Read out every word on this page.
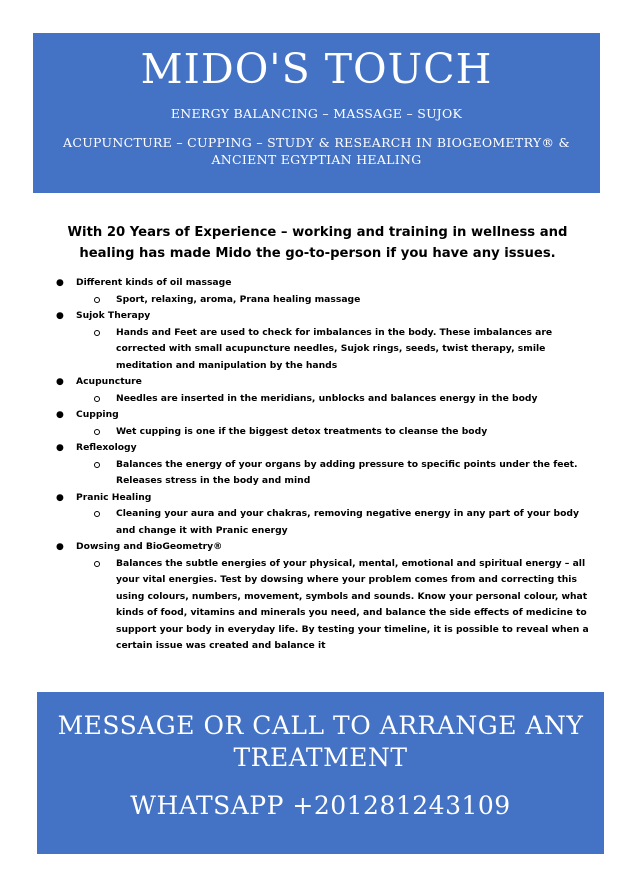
MIDO'S TOUCH
ENERGY BALANCING – MASSAGE – SUJOK
ACUPUNCTURE – CUPPING – STUDY & RESEARCH IN BIOGEOMETRY® & ANCIENT EGYPTIAN HEALING
With 20 Years of Experience – working and training in wellness and healing has made Mido the go-to-person if you have any issues.
● Different kinds of oil massage
Sport, relaxing, aroma, Prana healing massage
● Sujok Therapy
Hands and Feet are used to check for imbalances in the body. These imbalances are corrected with small acupuncture needles, Sujok rings, seeds, twist therapy, smile meditation and manipulation by the hands
● Acupuncture
Needles are inserted in the meridians, unblocks and balances energy in the body
● Cupping
Wet cupping is one if the biggest detox treatments to cleanse the body
● Reflexology
Balances the energy of your organs by adding pressure to specific points under the feet. Releases stress in the body and mind
● Pranic Healing
Cleaning your aura and your chakras, removing negative energy in any part of your body and change it with Pranic energy
● Dowsing and BioGeometry®
Balances the subtle energies of your physical, mental, emotional and spiritual energy – all your vital energies. Test by dowsing where your problem comes from and correcting this using colours, numbers, movement, symbols and sounds. Know your personal colour, what kinds of food, vitamins and minerals you need, and balance the side effects of medicine to support your body in everyday life. By testing your timeline, it is possible to reveal when a certain issue was created and balance it
MESSAGE OR CALL TO ARRANGE ANY TREATMENT
WHATSAPP +201281243109
